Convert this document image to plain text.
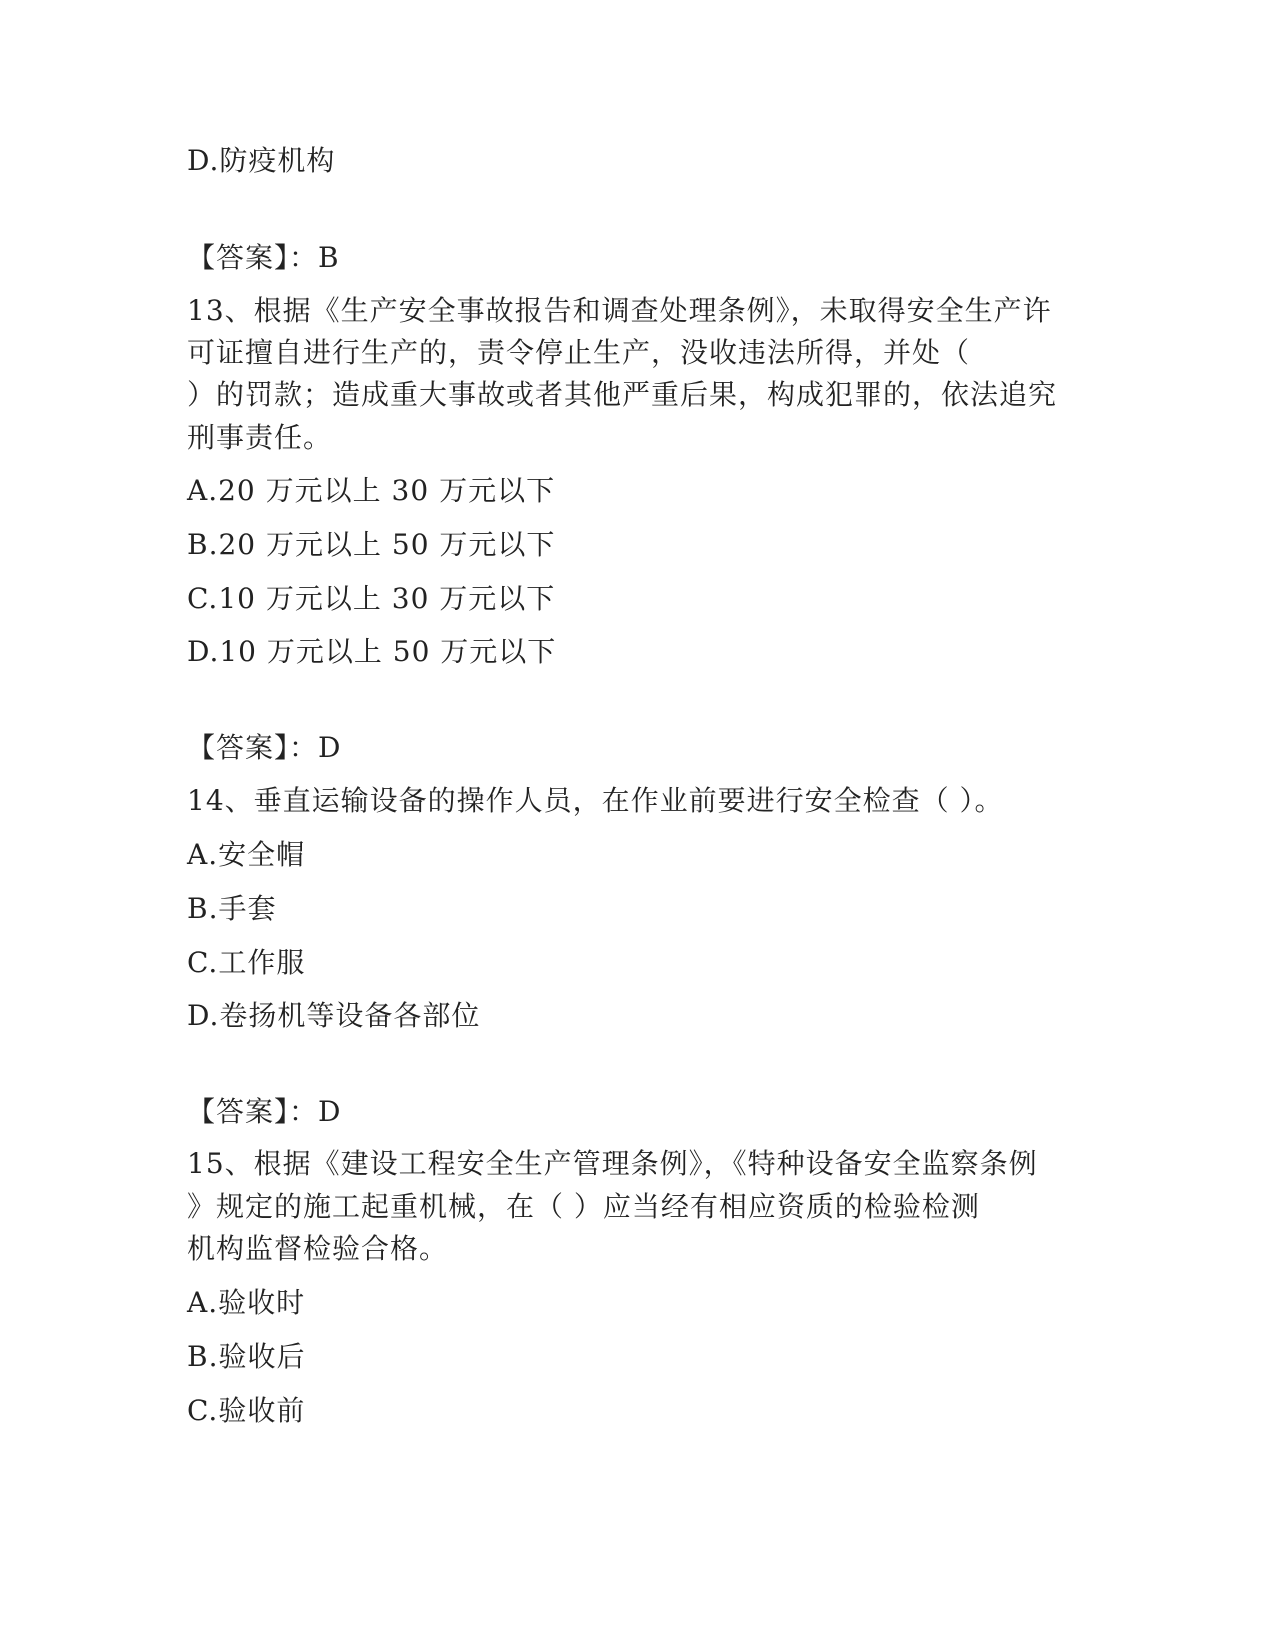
D.防疫机构
【答案】：B
13、根据《生产安全事故报告和调查处理条例》，未取得安全生产许
可证擅自进行生产的，责令停止生产，没收违法所得，并处（
）的罚款；造成重大事故或者其他严重后果，构成犯罪的，依法追究
刑事责任。
A.20 万元以上 30 万元以下
B.20 万元以上 50 万元以下
C.10 万元以上 30 万元以下
D.10 万元以上 50 万元以下
【答案】：D
14、垂直运输设备的操作人员，在作业前要进行安全检查（ ）。
A.安全帽
B.手套
C.工作服
D.卷扬机等设备各部位
【答案】：D
15、根据《建设工程安全生产管理条例》，《特种设备安全监察条例
》规定的施工起重机械，在（ ）应当经有相应资质的检验检测
机构监督检验合格。
A.验收时
B.验收后
C.验收前
